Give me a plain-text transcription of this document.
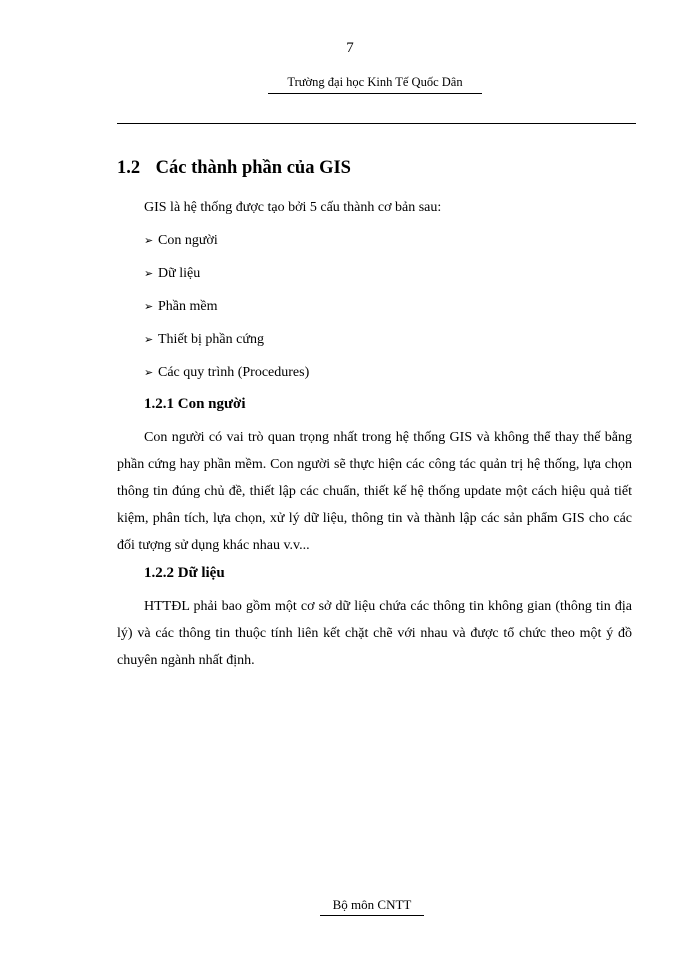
7
Trường đại học Kinh Tế Quốc Dân
1.2 Các thành phần của GIS
GIS là hệ thống được tạo bởi 5 cấu thành cơ bản sau:
➢ Con người
➢ Dữ liệu
➢ Phần mềm
➢ Thiết bị phần cứng
➢ Các quy trình (Procedures)
1.2.1 Con người

Con người có vai trò quan trọng nhất trong hệ thống GIS và không thể thay thế bằng phần cứng hay phần mềm. Con người sẽ thực hiện các công tác quản trị hệ thống, lựa chọn thông tin đúng chủ đề, thiết lập các chuẩn, thiết kế hệ thống update một cách hiệu quả tiết kiệm, phân tích, lựa chọn, xử lý dữ liệu, thông tin và thành lập các sản phẩm GIS cho các đối tượng sử dụng khác nhau v.v...

1.2.2 Dữ liệu

HTTĐL phải bao gồm một cơ sở dữ liệu chứa các thông tin không gian (thông tin địa lý) và các thông tin thuộc tính liên kết chặt chẽ với nhau và được tổ chức theo một ý đồ chuyên ngành nhất định.

Bộ môn CNTT
